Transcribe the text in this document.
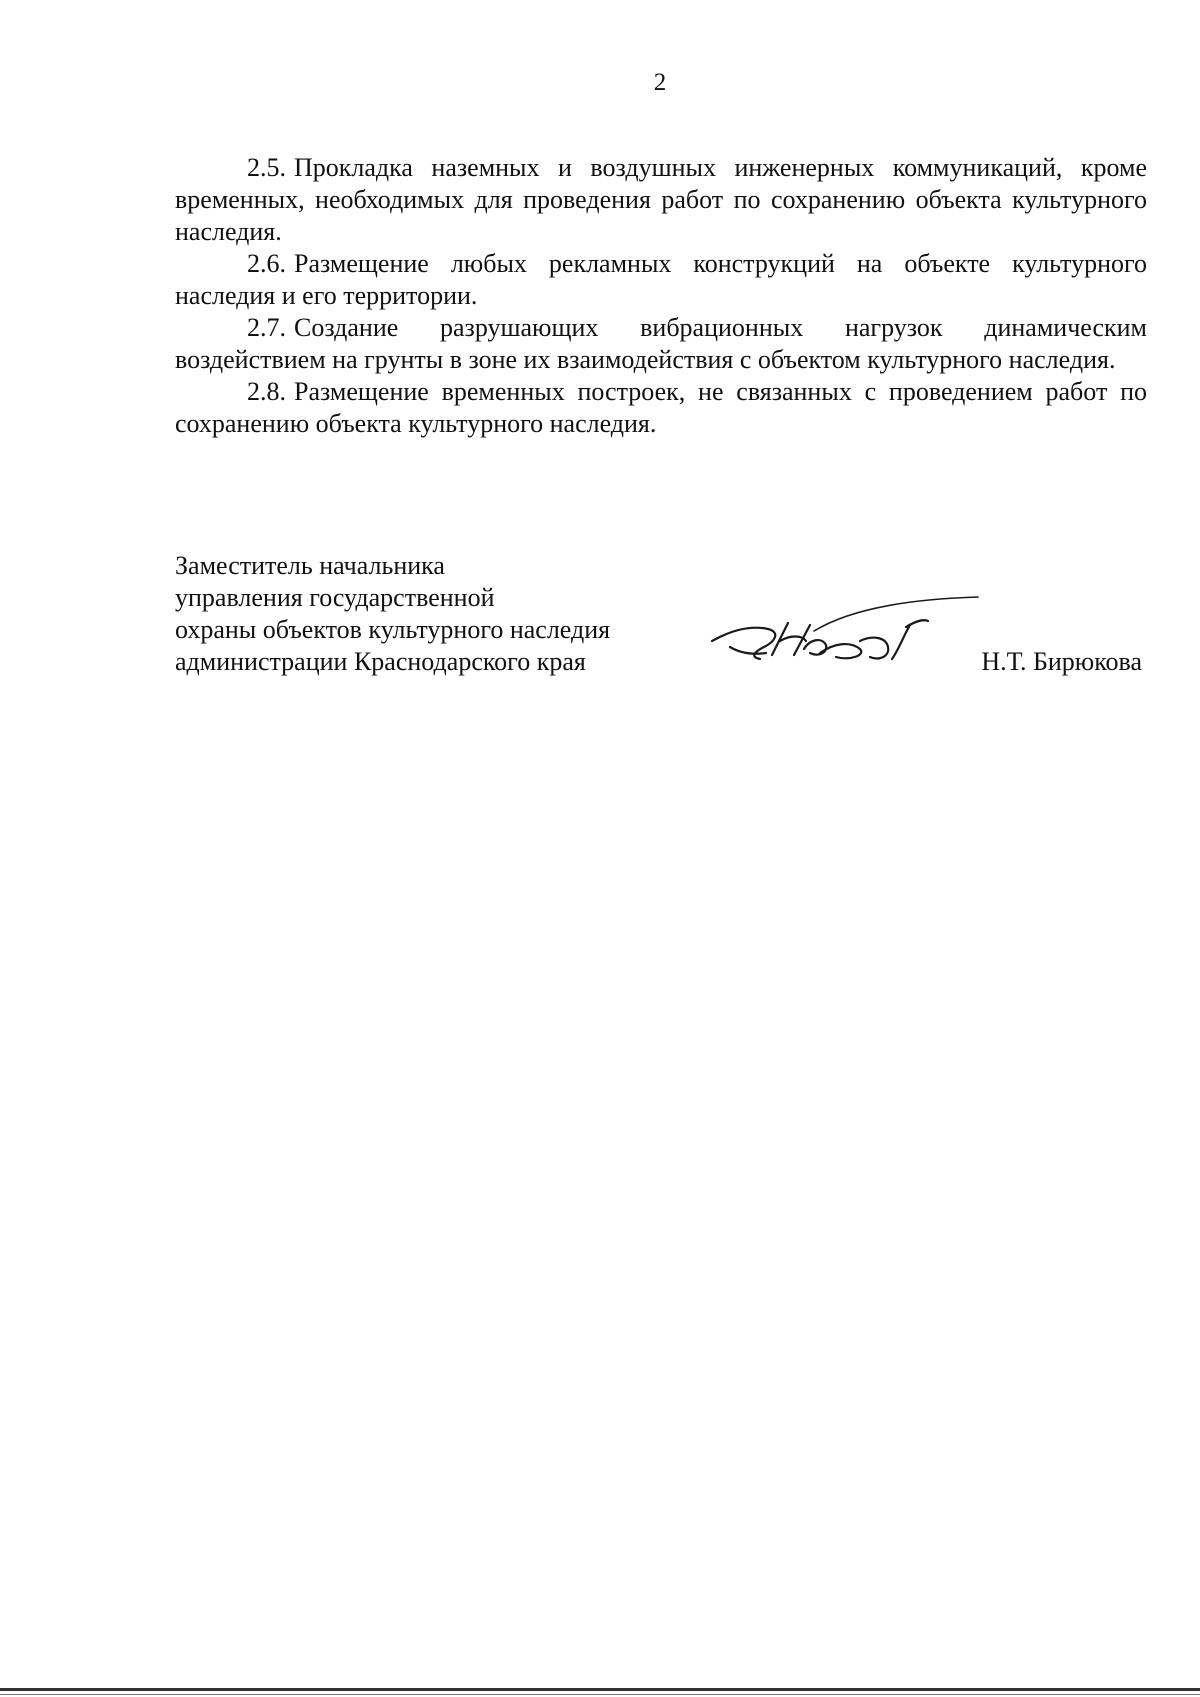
2

2.5. Прокладка наземных и воздушных инженерных коммуникаций, кроме временных, необходимых для проведения работ по сохранению объекта культурного наследия.

2.6. Размещение любых рекламных конструкций на объекте культурного наследия и его территории.

2.7. Создание разрушающих вибрационных нагрузок динамическим воздействием на грунты в зоне их взаимодействия с объектом культурного наследия.

2.8. Размещение временных построек, не связанных с проведением работ по сохранению объекта культурного наследия.

Заместитель начальника
управления государственной
охраны объектов культурного наследия
администрации Краснодарского края	Н.Т. Бирюкова
